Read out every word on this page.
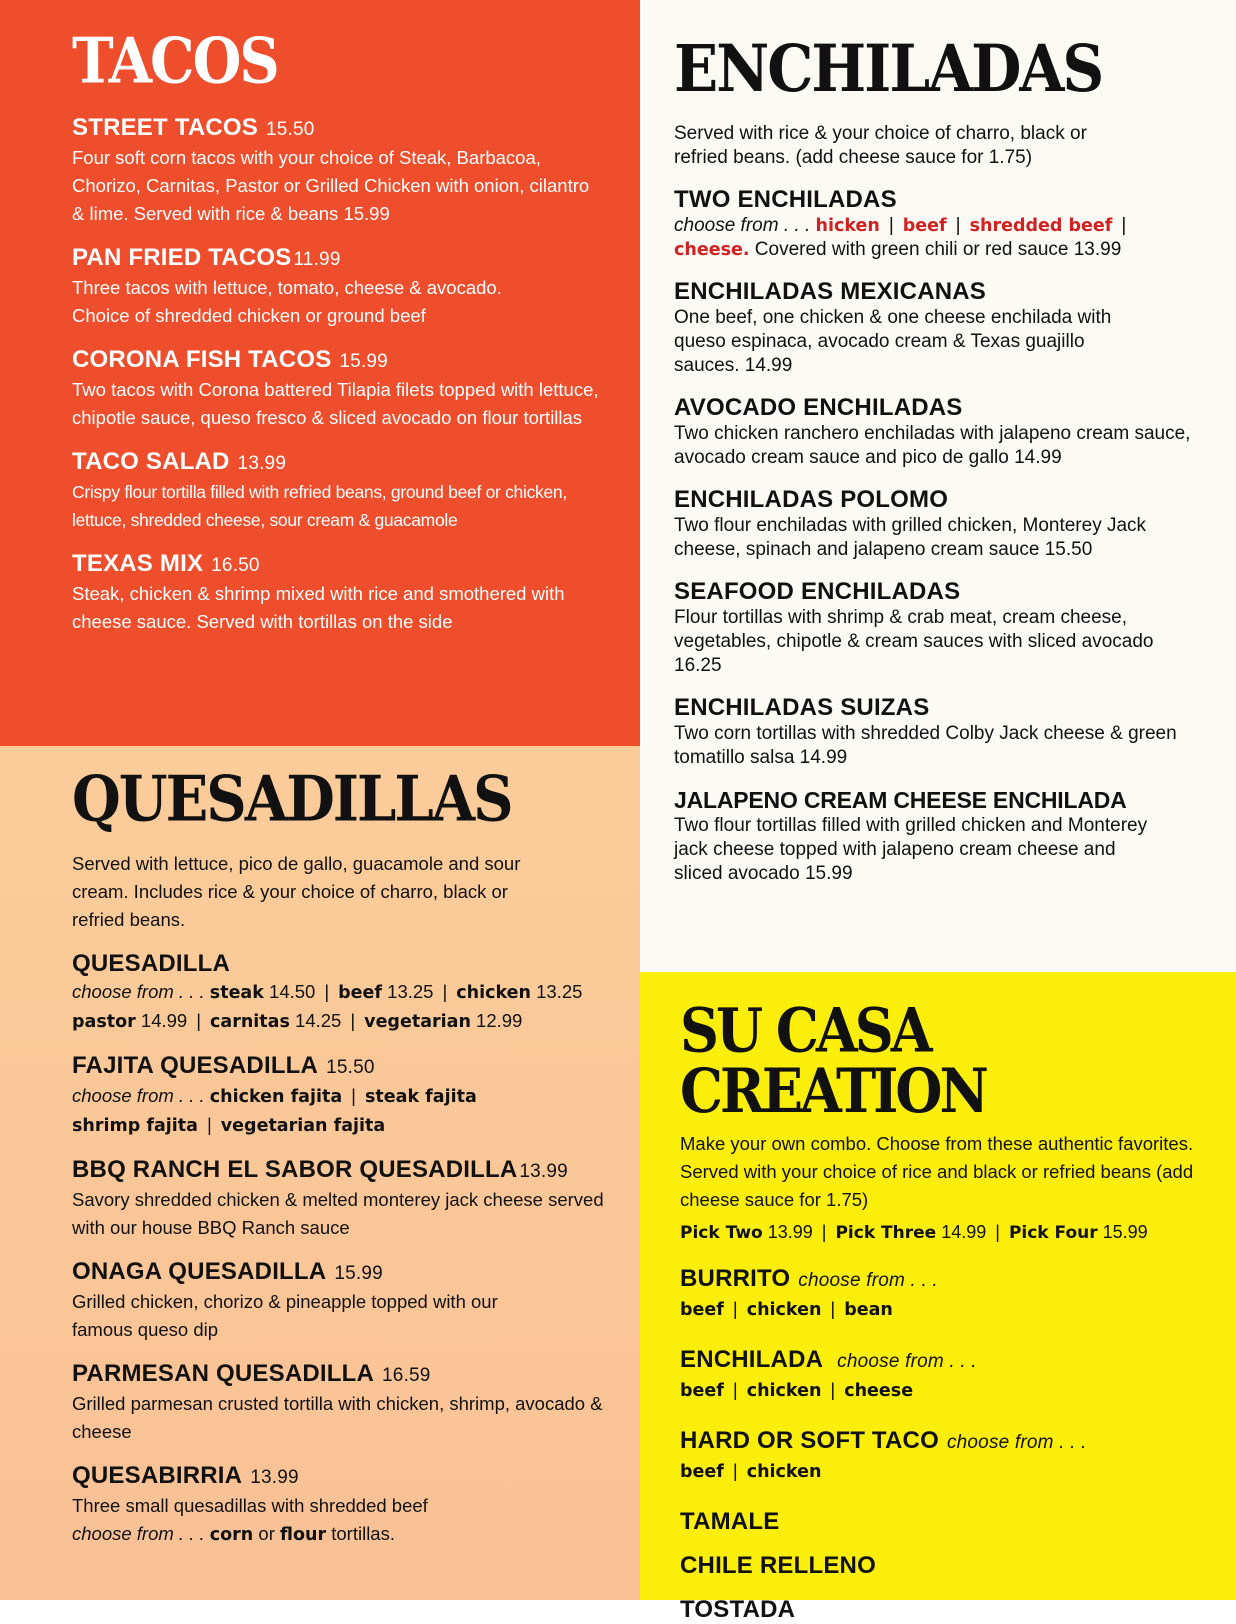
TACOS
STREET TACOS 15.50
Four soft corn tacos with your choice of Steak, Barbacoa, Chorizo, Carnitas, Pastor or Grilled Chicken with onion, cilantro & lime. Served with rice & beans 15.99
PAN FRIED TACOS 11.99
Three tacos with lettuce, tomato, cheese & avocado. Choice of shredded chicken or ground beef
CORONA FISH TACOS 15.99
Two tacos with Corona battered Tilapia filets topped with lettuce, chipotle sauce, queso fresco & sliced avocado on flour tortillas
TACO SALAD 13.99
Crispy flour tortilla filled with refried beans, ground beef or chicken, lettuce, shredded cheese, sour cream & guacamole
TEXAS MIX 16.50
Steak, chicken & shrimp mixed with rice and smothered with cheese sauce. Served with tortillas on the side
QUESADILLAS
Served with lettuce, pico de gallo, guacamole and sour cream. Includes rice & your choice of charro, black or refried beans.
QUESADILLA
choose from . . . steak 14.50 | beef 13.25 | chicken 13.25
pastor 14.99 | carnitas 14.25 | vegetarian 12.99
FAJITA QUESADILLA 15.50
choose from . . . chicken fajita | steak fajita
shrimp fajita | vegetarian fajita
BBQ RANCH EL SABOR QUESADILLA 13.99
Savory shredded chicken & melted monterey jack cheese served with our house BBQ Ranch sauce
ONAGA QUESADILLA 15.99
Grilled chicken, chorizo & pineapple topped with our famous queso dip
PARMESAN QUESADILLA 16.59
Grilled parmesan crusted tortilla with chicken, shrimp, avocado & cheese
QUESABIRRIA 13.99
Three small quesadillas with shredded beef
choose from . . . corn or flour tortillas.
ENCHILADAS
Served with rice & your choice of charro, black or refried beans. (add cheese sauce for 1.75)
TWO ENCHILADAS
choose from . . . hicken | beef | shredded beef |
cheese. Covered with green chili or red sauce 13.99
ENCHILADAS MEXICANAS
One beef, one chicken & one cheese enchilada with queso espinaca, avocado cream & Texas guajillo sauces. 14.99
AVOCADO ENCHILADAS
Two chicken ranchero enchiladas with jalapeno cream sauce, avocado cream sauce and pico de gallo 14.99
ENCHILADAS POLOMO
Two flour enchiladas with grilled chicken, Monterey Jack cheese, spinach and jalapeno cream sauce 15.50
SEAFOOD ENCHILADAS
Flour tortillas with shrimp & crab meat, cream cheese, vegetables, chipotle & cream sauces with sliced avocado 16.25
ENCHILADAS SUIZAS
Two corn tortillas with shredded Colby Jack cheese & green tomatillo salsa 14.99
JALAPENO CREAM CHEESE ENCHILADA
Two flour tortillas filled with grilled chicken and Monterey jack cheese topped with jalapeno cream cheese and sliced avocado 15.99
SU CASA CREATION
Make your own combo. Choose from these authentic favorites. Served with your choice of rice and black or refried beans (add cheese sauce for 1.75)
Pick Two 13.99 | Pick Three 14.99 | Pick Four 15.99
BURRITO choose from . . .
beef | chicken | bean
ENCHILADA choose from . . .
beef | chicken | cheese
HARD OR SOFT TACO choose from . . .
beef | chicken
TAMALE
CHILE RELLENO
TOSTADA
